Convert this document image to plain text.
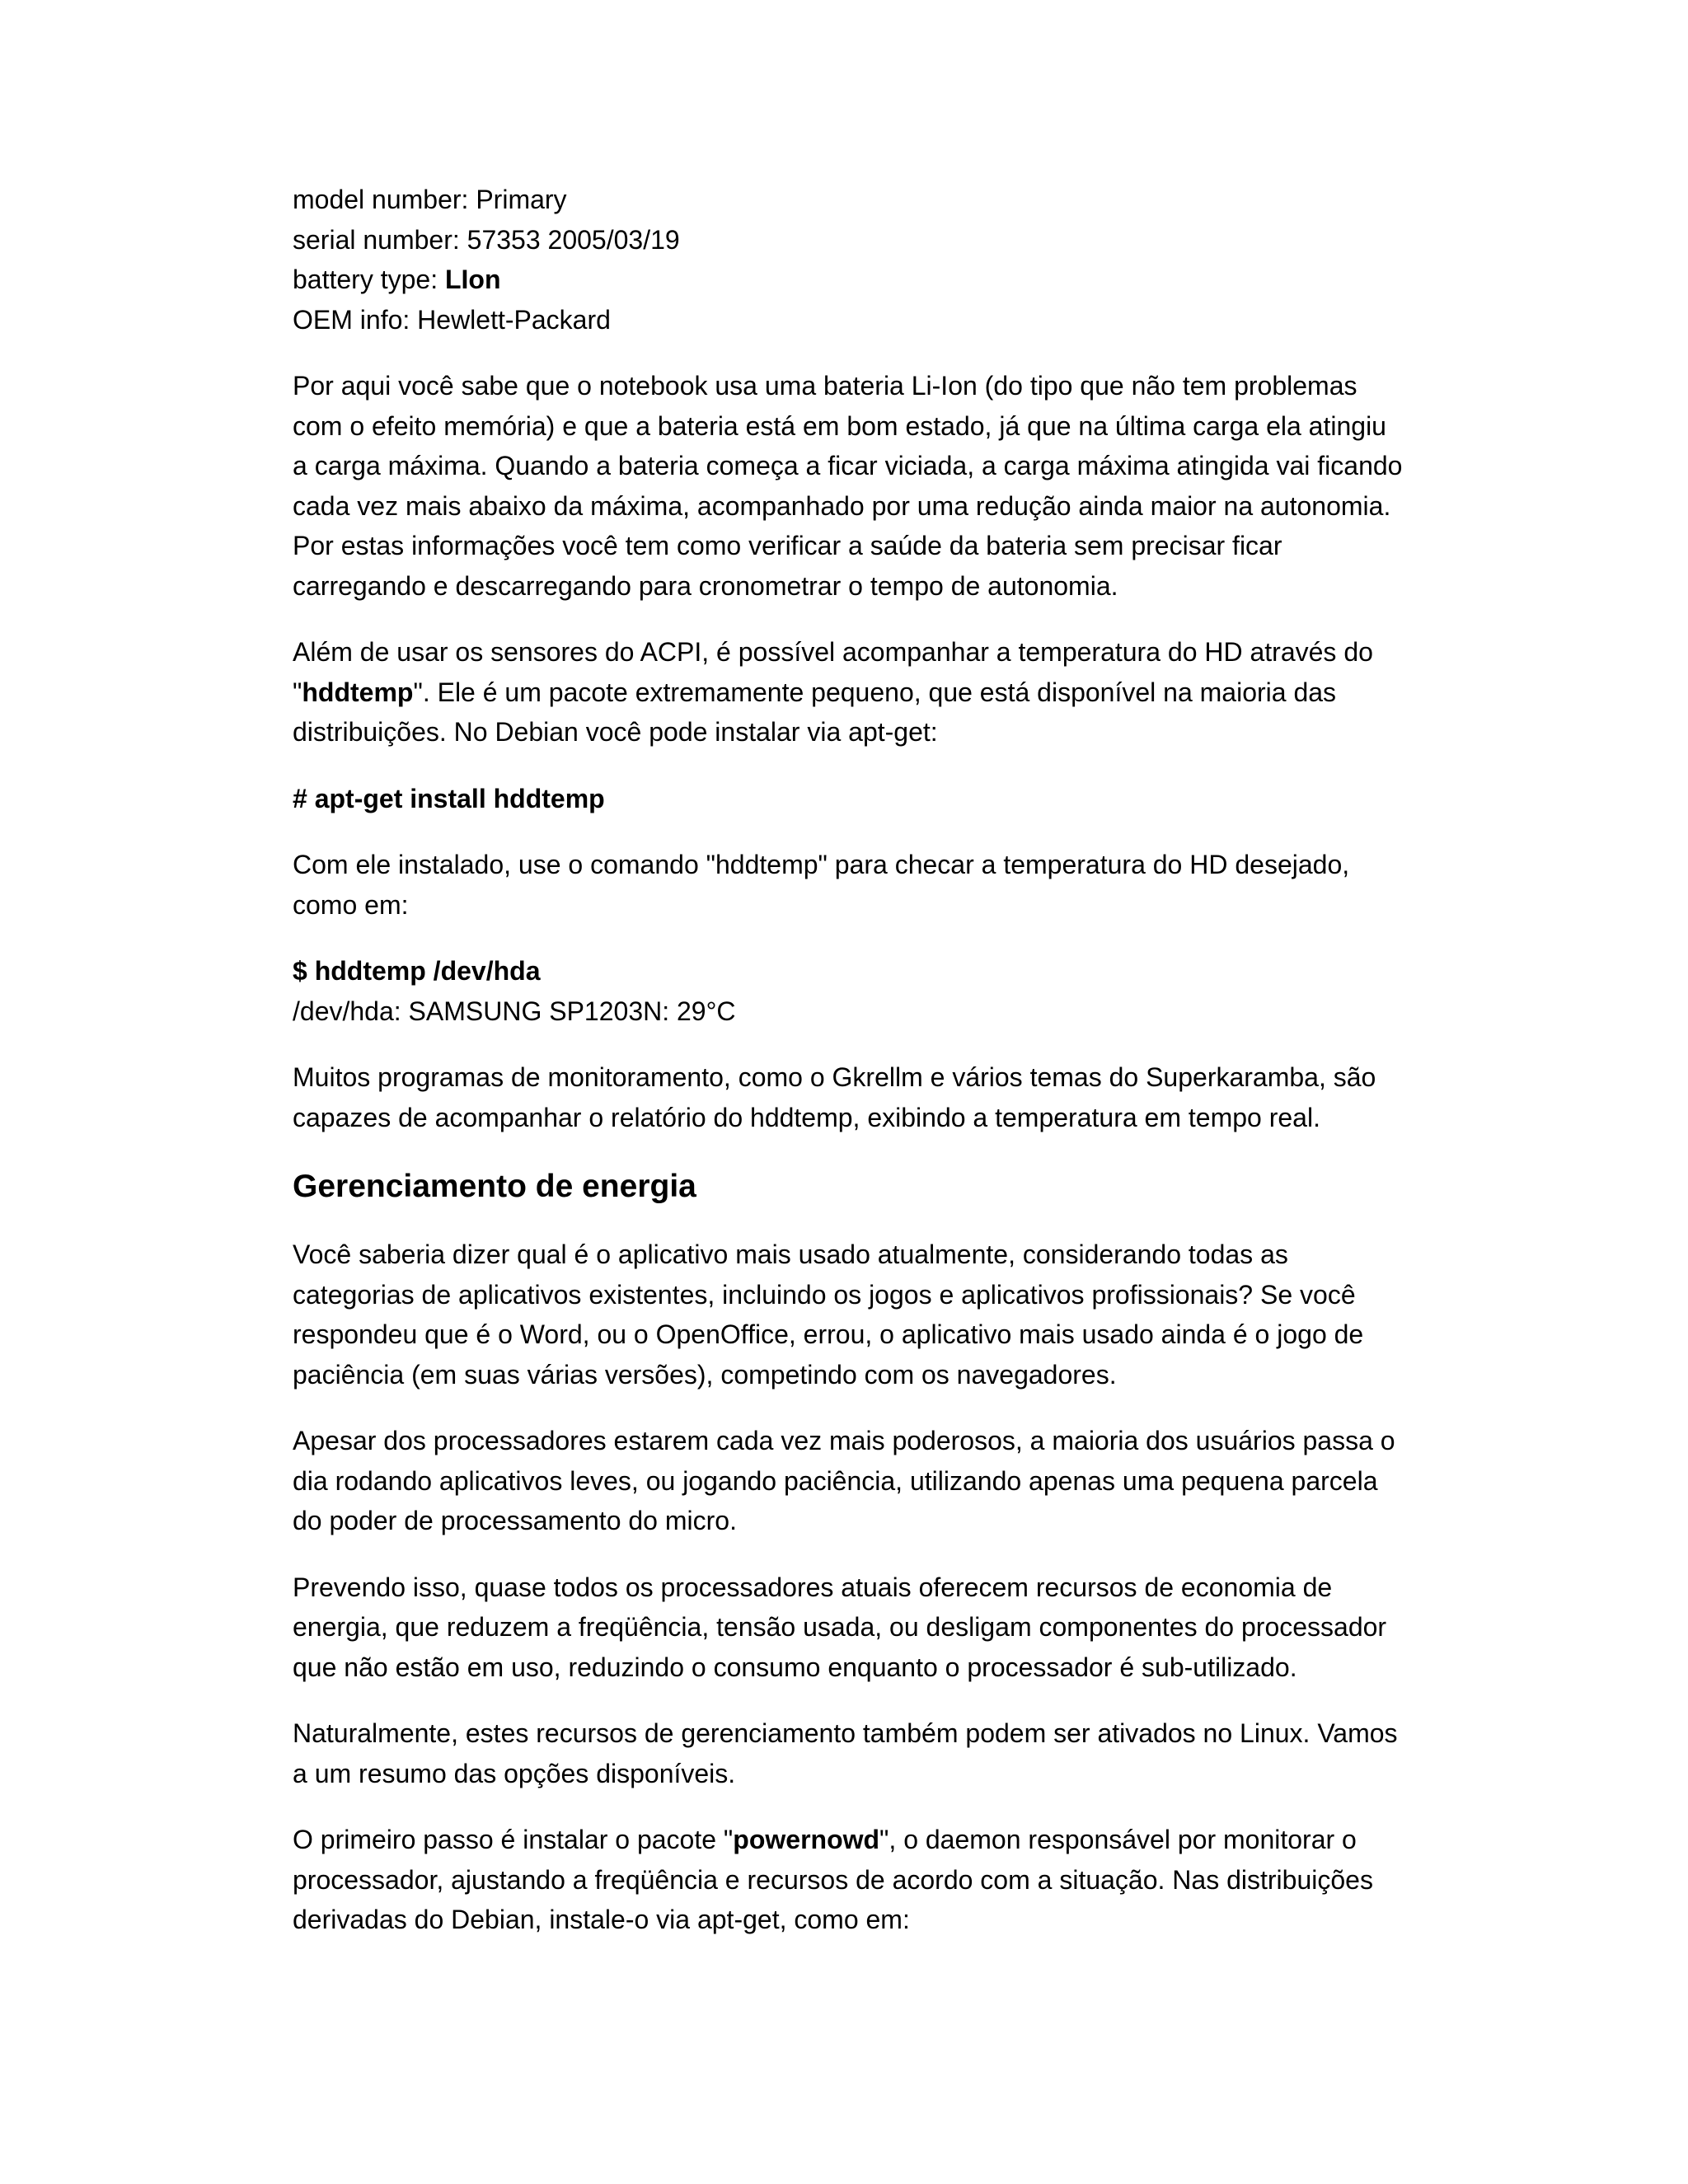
model number: Primary

serial number: 57353 2005/03/19

battery type: LIon

OEM info: Hewlett-Packard

Por aqui você sabe que o notebook usa uma bateria Li-Ion (do tipo que não tem problemas
com o efeito memória) e que a bateria está em bom estado, já que na última carga ela atingiu
a carga máxima. Quando a bateria começa a ficar viciada, a carga máxima atingida vai ficando
cada vez mais abaixo da máxima, acompanhado por uma redução ainda maior na autonomia.
Por estas informações você tem como verificar a saúde da bateria sem precisar ficar
carregando e descarregando para cronometrar o tempo de autonomia.
Além de usar os sensores do ACPI, é possível acompanhar a temperatura do HD através do
"hddtemp". Ele é um pacote extremamente pequeno, que está disponível na maioria das
distribuições. No Debian você pode instalar via apt-get:
# apt-get install hddtemp
Com ele instalado, use o comando "hddtemp" para checar a temperatura do HD desejado,
como em:
$ hddtemp /dev/hda
/dev/hda: SAMSUNG SP1203N: 29°C
Muitos programas de monitoramento, como o Gkrellm e vários temas do Superkaramba, são
capazes de acompanhar o relatório do hddtemp, exibindo a temperatura em tempo real.
Gerenciamento de energia
Você saberia dizer qual é o aplicativo mais usado atualmente, considerando todas as
categorias de aplicativos existentes, incluindo os jogos e aplicativos profissionais? Se você
respondeu que é o Word, ou o OpenOffice, errou, o aplicativo mais usado ainda é o jogo de
paciência (em suas várias versões), competindo com os navegadores.
Apesar dos processadores estarem cada vez mais poderosos, a maioria dos usuários passa o
dia rodando aplicativos leves, ou jogando paciência, utilizando apenas uma pequena parcela
do poder de processamento do micro.
Prevendo isso, quase todos os processadores atuais oferecem recursos de economia de
energia, que reduzem a freqüência, tensão usada, ou desligam componentes do processador
que não estão em uso, reduzindo o consumo enquanto o processador é sub-utilizado.
Naturalmente, estes recursos de gerenciamento também podem ser ativados no Linux. Vamos
a um resumo das opções disponíveis.
O primeiro passo é instalar o pacote "powernowd", o daemon responsável por monitorar o
processador, ajustando a freqüência e recursos de acordo com a situação. Nas distribuições
derivadas do Debian, instale-o via apt-get, como em:
